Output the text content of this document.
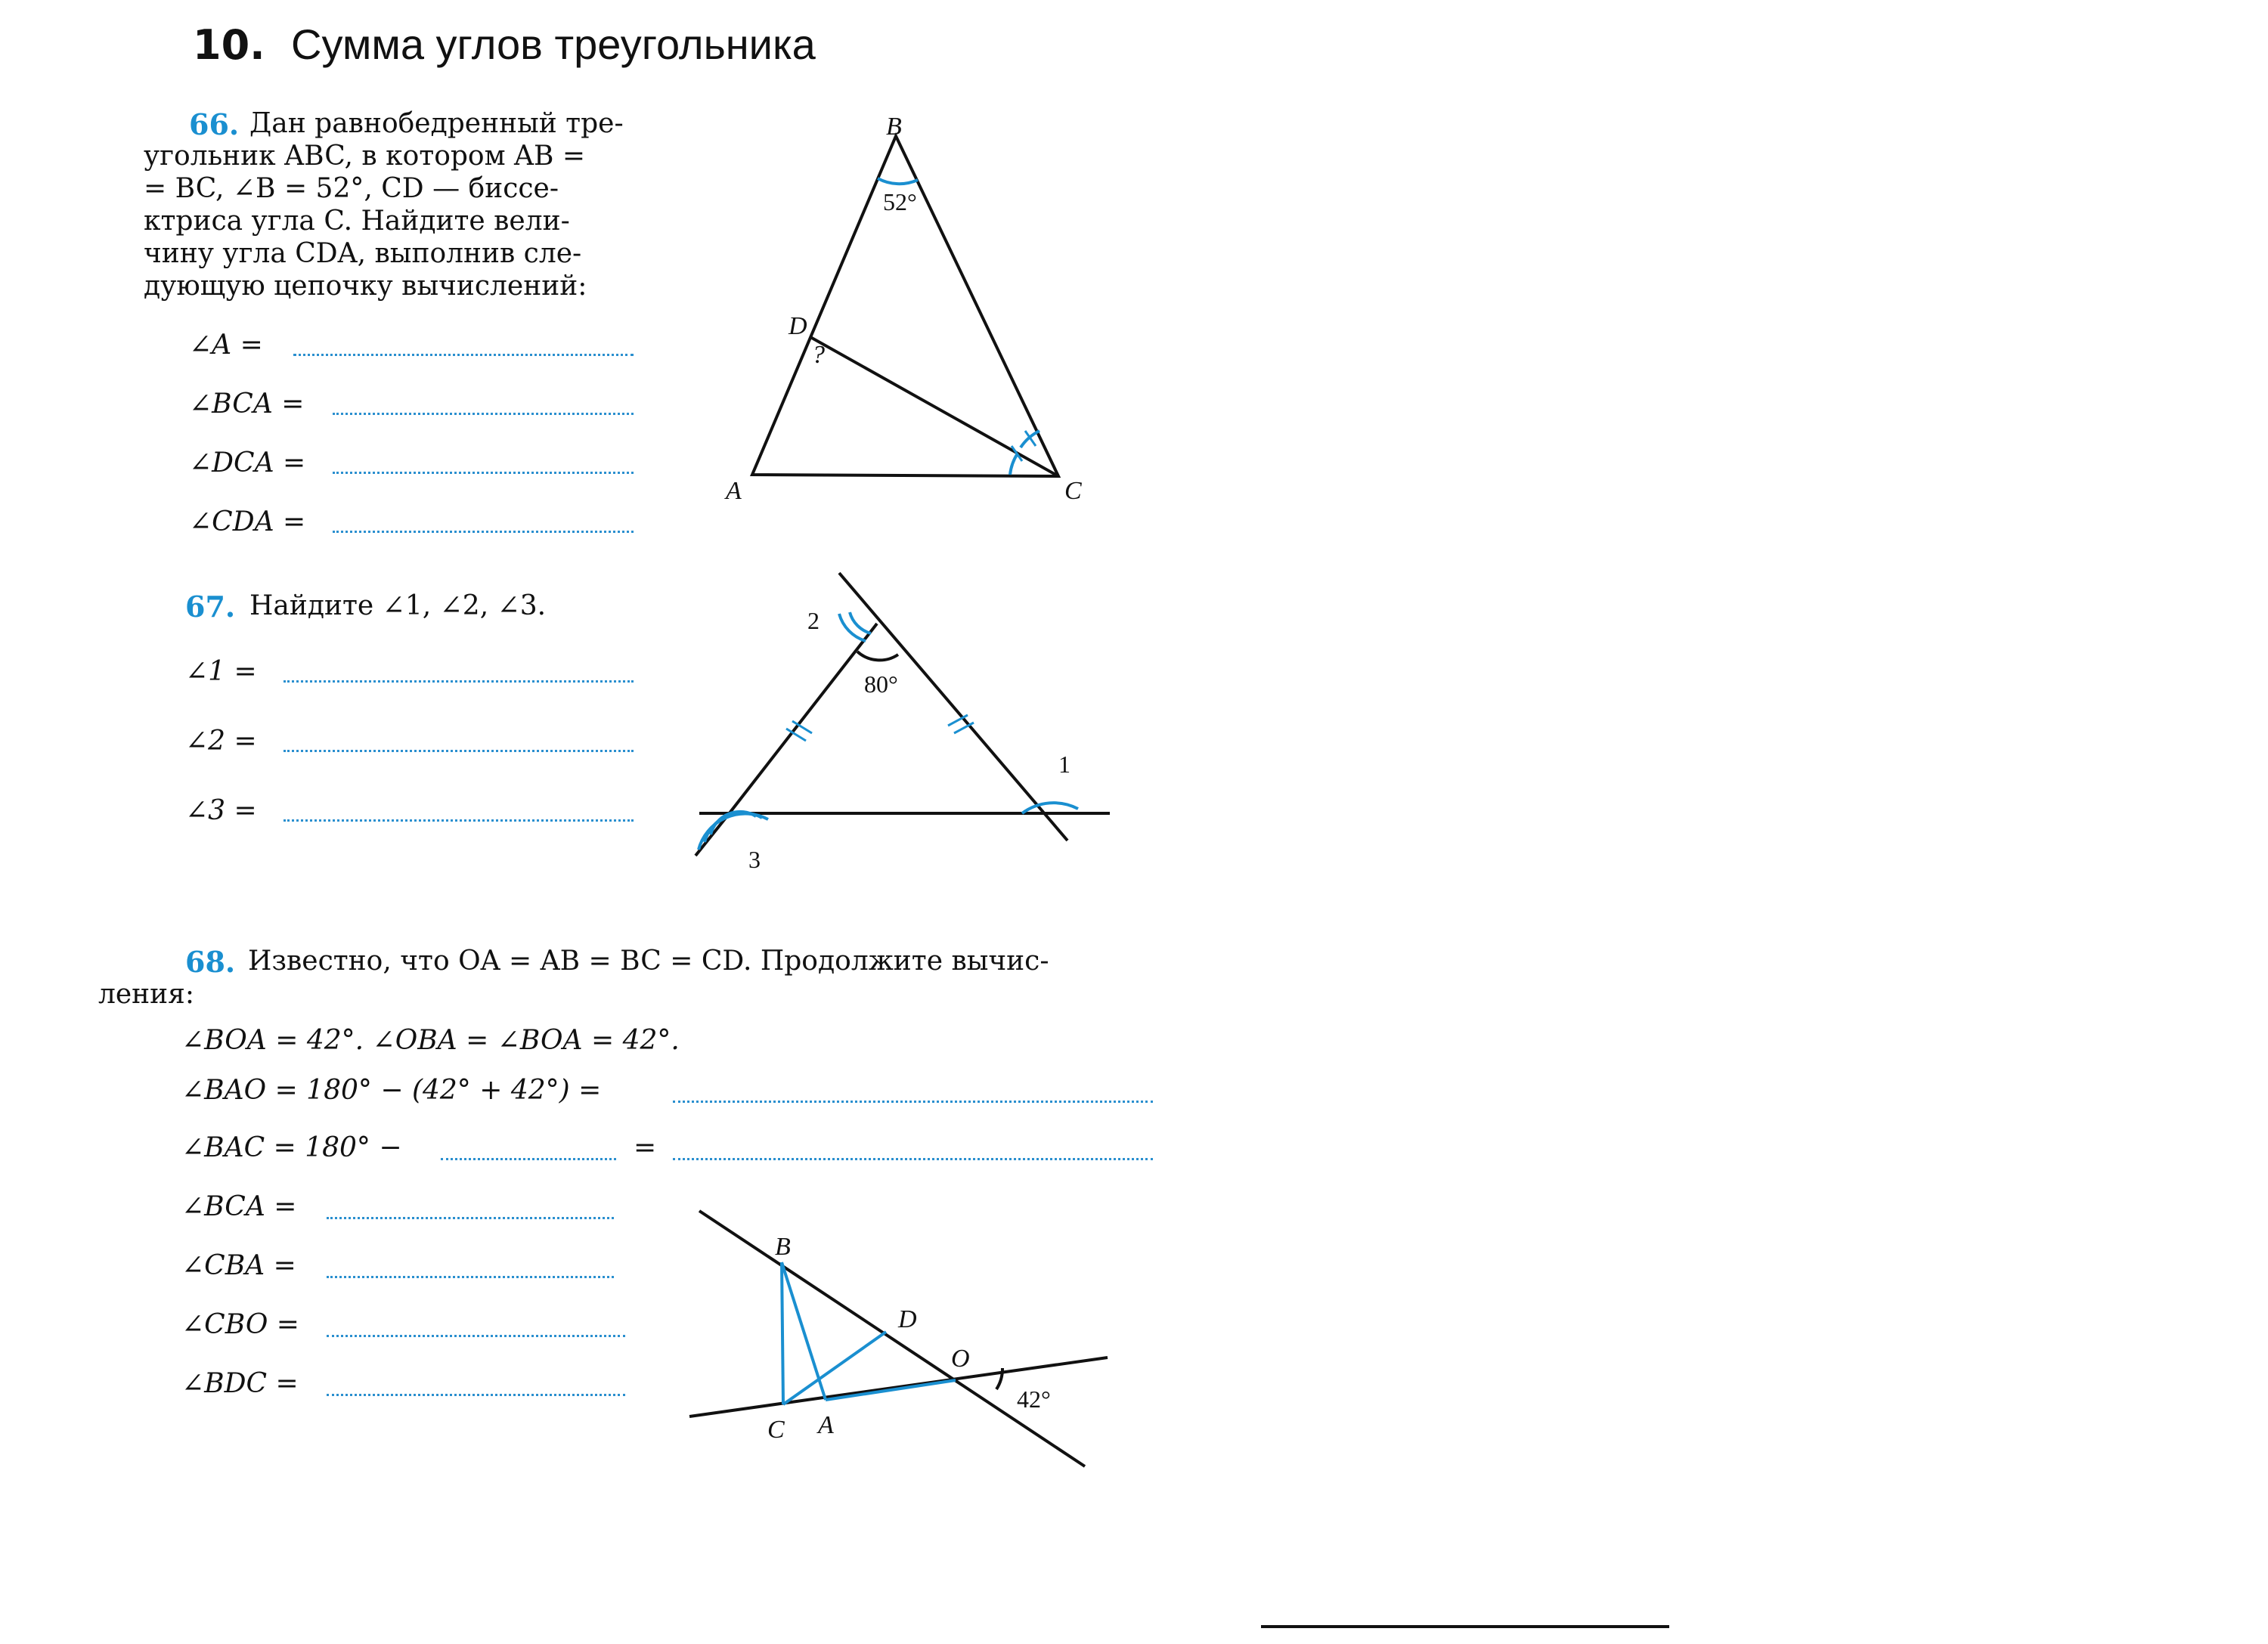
10. Сумма углов треугольника
66. Дан равнобедренный тре-
угольник ABC, в котором AB =
= BC, ∠B = 52°, CD — биссе-
ктриса угла C. Найдите вели-
чину угла CDA, выполнив сле-
дующую цепочку вычислений:
∠A =
∠BCA =
∠DCA =
∠CDA =
67. Найдите ∠1, ∠2, ∠3.
∠1 =
∠2 =
∠3 =
68. Известно, что OA = AB = BC = CD. Продолжите вычис-
ления:
∠BOA = 42°. ∠OBA = ∠BOA = 42°.
∠BAO = 180° − (42° + 42°) =
∠BAC = 180° −	=
∠BCA =
∠CBA =
∠CBO =
∠BDC =
B
52°
D
?
A	C
80°
2
1
3
B
D
O
42°
C A
